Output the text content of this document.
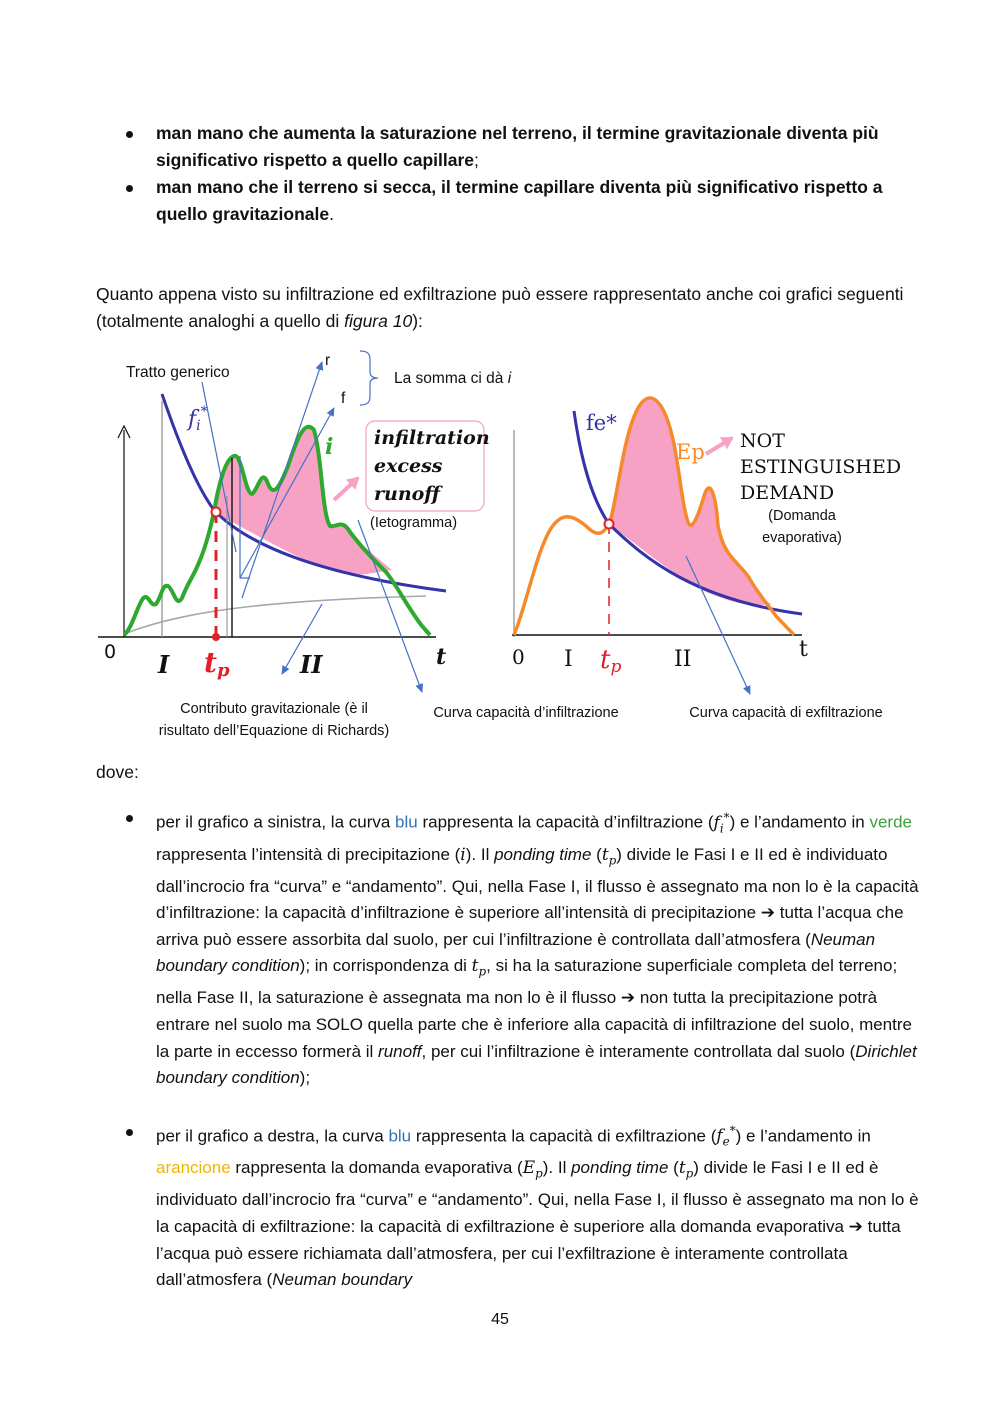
man mano che aumenta la saturazione nel terreno, il termine gravitazionale diventa più significativo rispetto a quello capillare;

man mano che il terreno si secca, il termine capillare diventa più significativo rispetto a quello gravitazionale.

Quanto appena visto su infiltrazione ed exfiltrazione può essere rappresentato anche coi grafici seguenti (totalmente analoghi a quello di figura 10):

Tratto generico
r
f
La somma ci dà i
fi*
i infiltration
excess
runoff
(Ietogramma)
0 I tp	II	t
Contributo gravitazionale (è il
risultato dell’Equazione di Richards)
Curva capacità d’infiltrazione
fe*
Ep NOT
ESTINGUISHED
DEMAND
(Domanda
evaporativa)
0 I tp II	t
Curva capacità di exfiltrazione
dove:

per il grafico a sinistra, la curva blu rappresenta la capacità d’infiltrazione $(f_i^*)$ e l’andamento in verde rappresenta l’intensità di precipitazione (i). Il ponding time $(t_p)$ divide le Fasi I e II ed è individuato dall’incrocio fra “curva” e “andamento”. Qui, nella Fase I, il flusso è assegnato ma non lo è la capacità d’infiltrazione: la capacità d’infiltrazione è superiore all’intensità di precipitazione ➔ tutta l’acqua che arriva può essere assorbita dal suolo, per cui l’infiltrazione è controllata dall’atmosfera (Neuman boundary condition); in corrispondenza di $t_p$, si ha la saturazione superficiale completa del terreno; nella Fase II, la saturazione è assegnata ma non lo è il flusso ➔ non tutta la precipitazione potrà entrare nel suolo ma SOLO quella parte che è inferiore alla capacità di infiltrazione del suolo, mentre la parte in eccesso formerà il runoff, per cui l’infiltrazione è interamente controllata dal suolo (Dirichlet boundary condition);

per il grafico a destra, la curva blu rappresenta la capacità di exfiltrazione $(f_e^*)$ e l’andamento in arancione rappresenta la domanda evaporativa $(E_p)$. Il ponding time $(t_p)$ divide le Fasi I e II ed è individuato dall’incrocio fra “curva” e “andamento”. Qui, nella Fase I, il flusso è assegnato ma non lo è la capacità di exfiltrazione: la capacità di exfiltrazione è superiore alla domanda evaporativa ➔ tutta l’acqua può essere richiamata dall’atmosfera, per cui l’exfiltrazione è interamente controllata dall’atmosfera (Neuman boundary

45
